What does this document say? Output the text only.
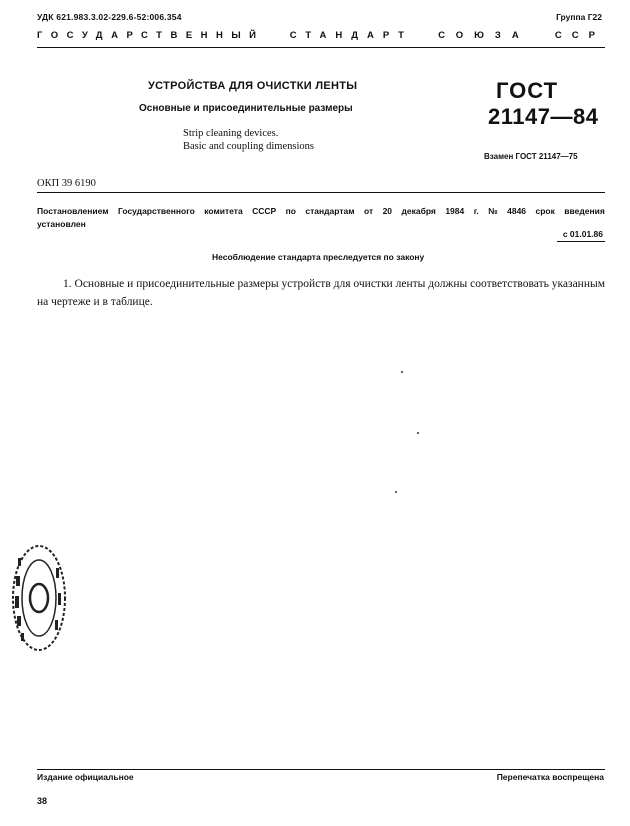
УДК 621.983.3.02-229.6-52:006.354	Группа Г22
ГОСУДАРСТВЕННЫЙ	СТАНДАРТ	СОЮЗА	ССР
УСТРОЙСТВА ДЛЯ ОЧИСТКИ ЛЕНТЫ
Основные и присоединительные размеры
Strip cleaning devices.
Basic and coupling dimensions
ГОСТ
21147—84
Взамен ГОСТ 21147—75
ОКП 39 6190
Постановлением Государственного комитета СССР по стандартам от 20 декабря 1984 г. № 4846 срок введения
установлен
с 01.01.86
Несоблюдение стандарта преследуется по закону
1. Основные и присоединительные размеры устройств для очистки ленты должны соответствовать указанным на чертеже и в таблице.
Издание официальное	Перепечатка воспрещена
38
